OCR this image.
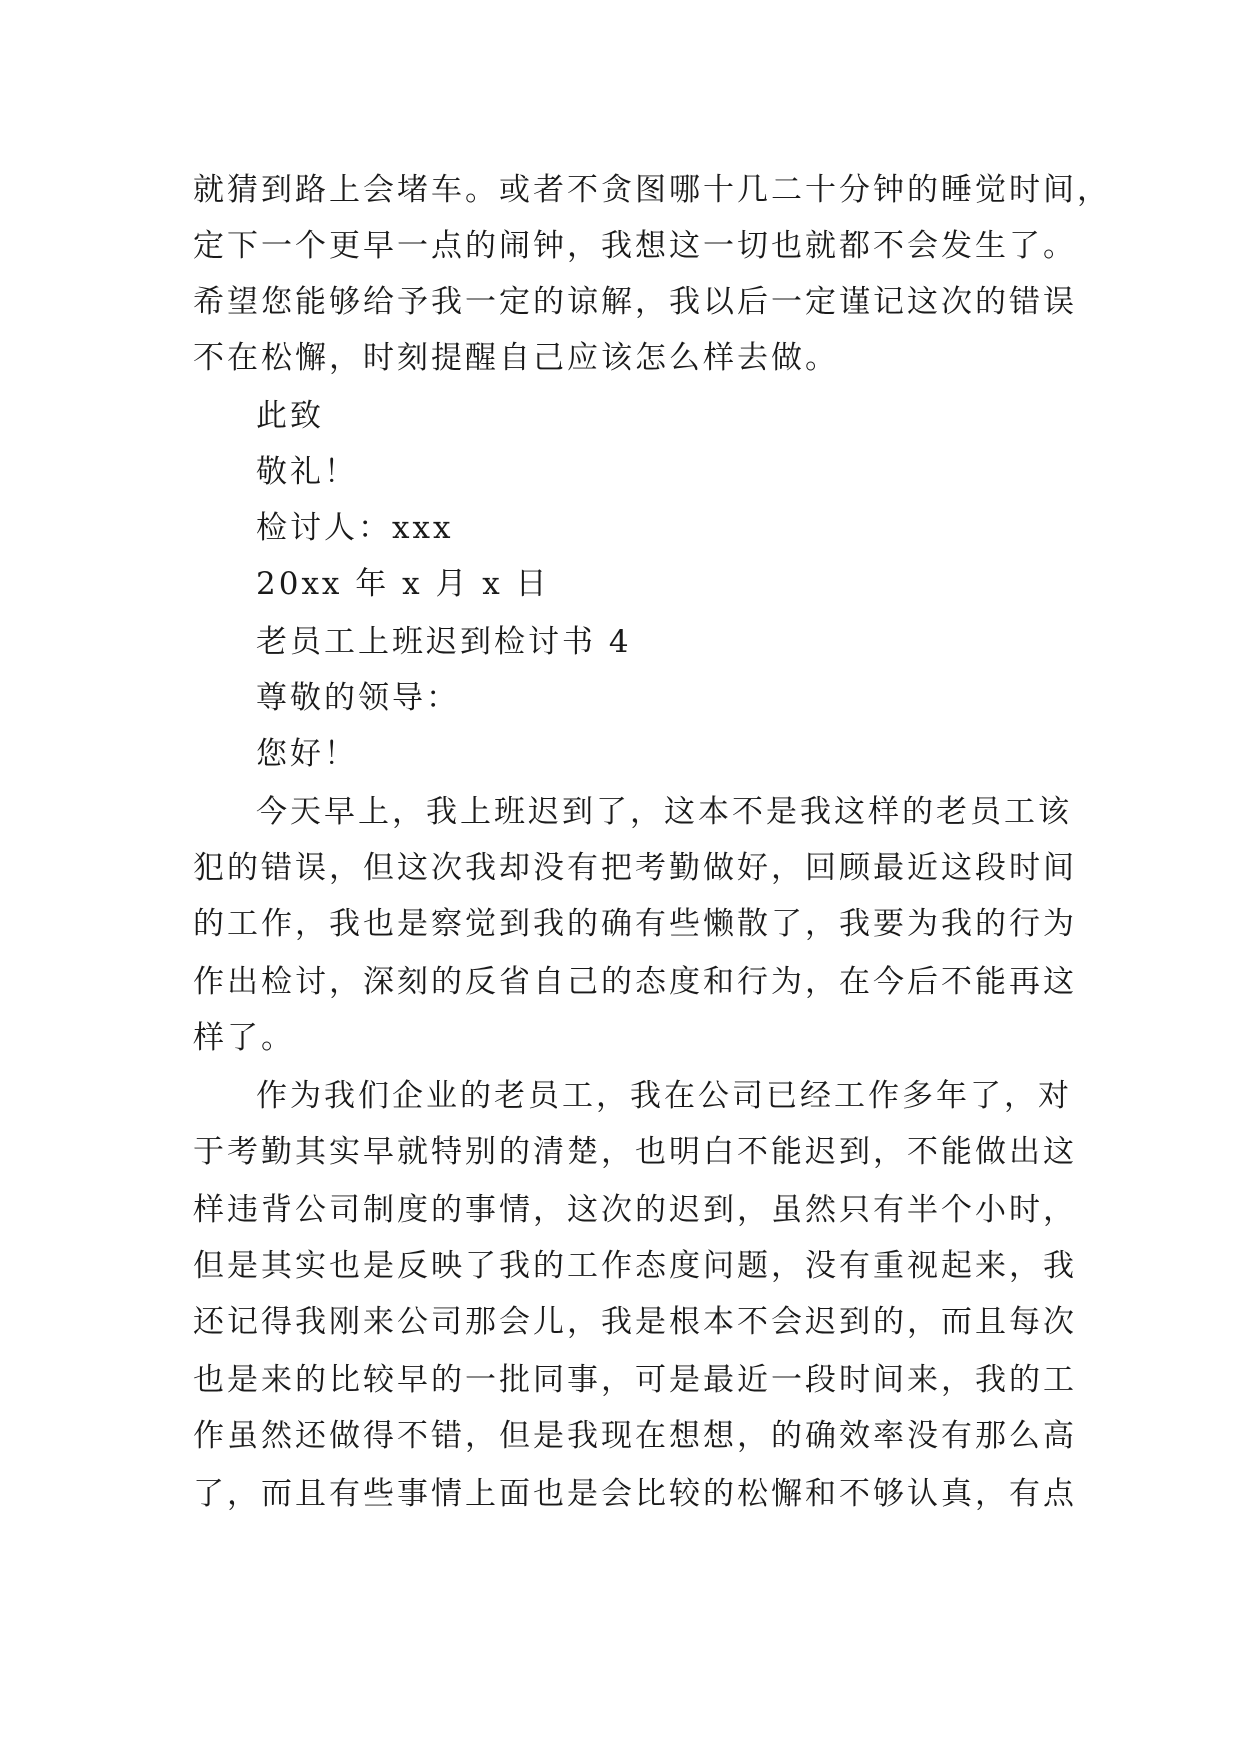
就猜到路上会堵车。或者不贪图哪十几二十分钟的睡觉时间，
定下一个更早一点的闹钟，我想这一切也就都不会发生了。
希望您能够给予我一定的谅解，我以后一定谨记这次的错误
不在松懈，时刻提醒自己应该怎么样去做。
此致
敬礼！
检讨人：xxx
20xx 年 x 月 x 日
老员工上班迟到检讨书 4
尊敬的领导：
您好！
今天早上，我上班迟到了，这本不是我这样的老员工该
犯的错误，但这次我却没有把考勤做好，回顾最近这段时间
的工作，我也是察觉到我的确有些懒散了，我要为我的行为
作出检讨，深刻的反省自己的态度和行为，在今后不能再这
样了。
作为我们企业的老员工，我在公司已经工作多年了，对
于考勤其实早就特别的清楚，也明白不能迟到，不能做出这
样违背公司制度的事情，这次的迟到，虽然只有半个小时，
但是其实也是反映了我的工作态度问题，没有重视起来，我
还记得我刚来公司那会儿，我是根本不会迟到的，而且每次
也是来的比较早的一批同事，可是最近一段时间来，我的工
作虽然还做得不错，但是我现在想想，的确效率没有那么高
了，而且有些事情上面也是会比较的松懈和不够认真，有点
